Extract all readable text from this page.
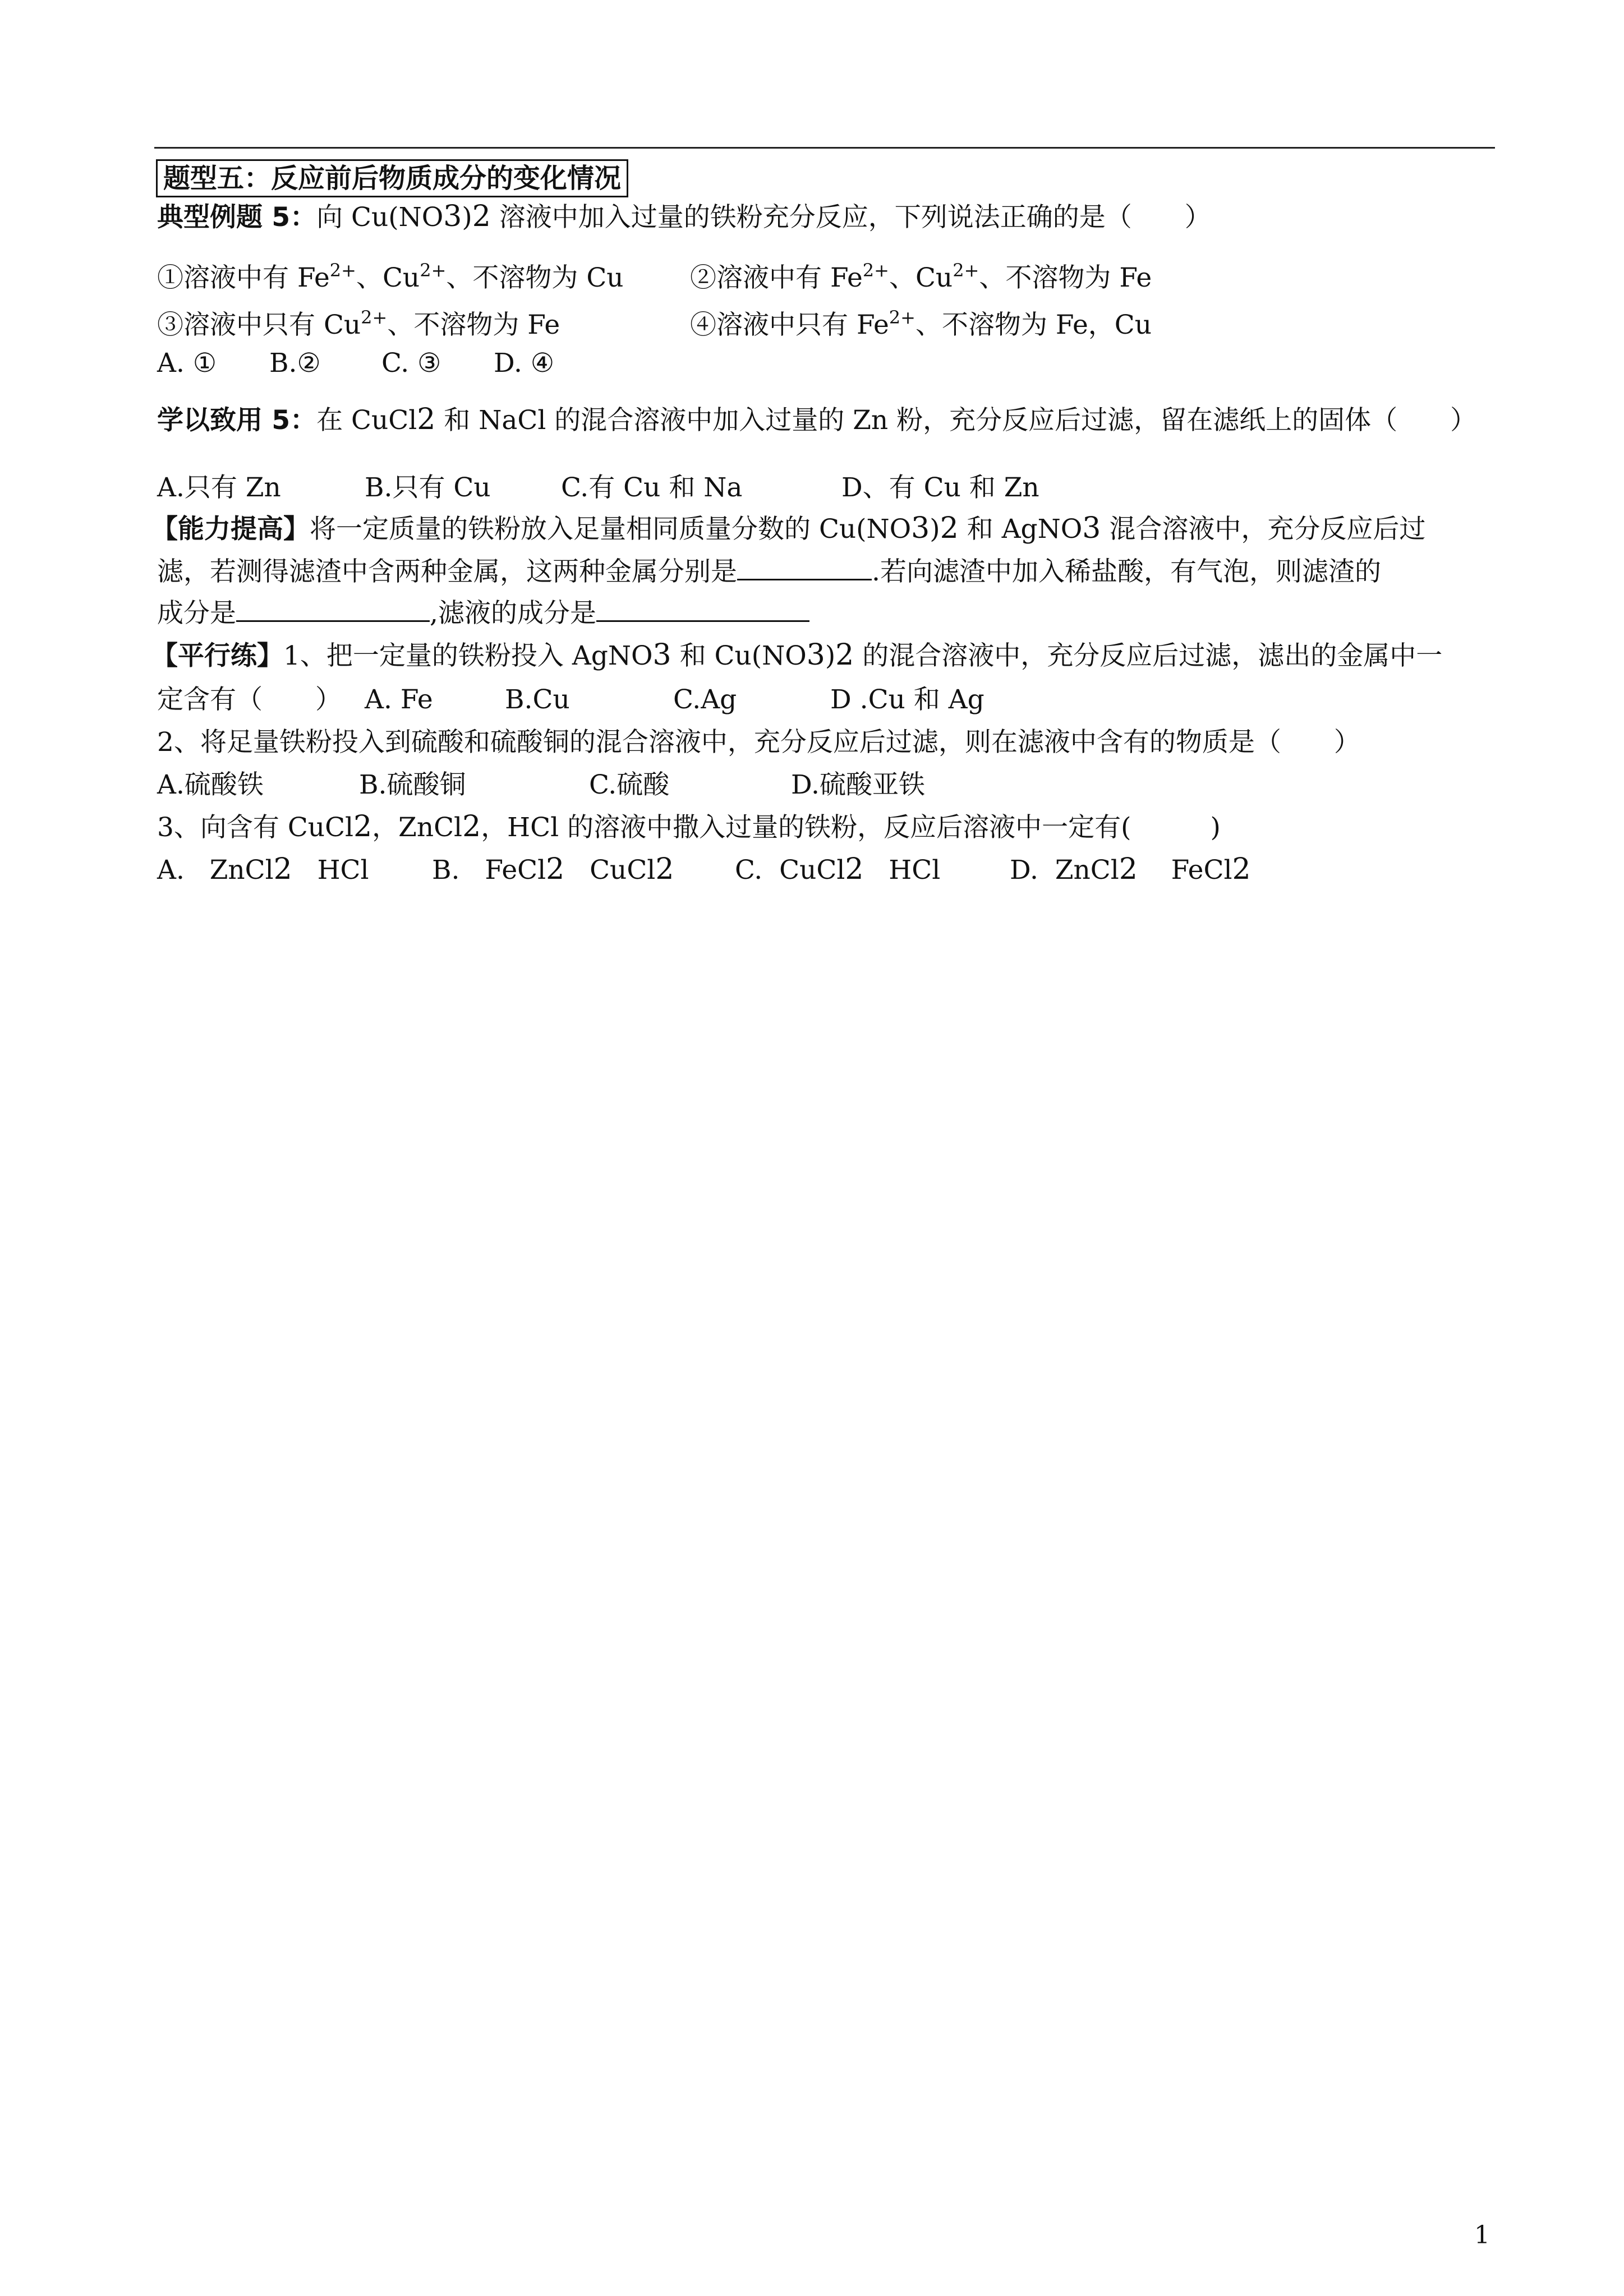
题型五：反应前后物质成分的变化情况
典型例题 5：向 Cu(NO3)2 溶液中加入过量的铁粉充分反应，下列说法正确的是（　　）
①溶液中有 $Fe^{2+}$、$Cu^{2+}$、不溶物为 Cu	②溶液中有 $Fe^{2+}$、$Cu^{2+}$、不溶物为 Fe
③溶液中只有 $Cu^{2+}$、不溶物为 Fe	④溶液中只有 $Fe^{2+}$、不溶物为 Fe，Cu
A. ① B.② C. ③ D. ④
学以致用 5：在 CuCl2 和 NaCl 的混合溶液中加入过量的 Zn 粉，充分反应后过滤，留在滤纸上的固体（　　）
A.只有 Zn	B.只有 Cu	C.有 Cu 和 Na	D、有 Cu 和 Zn
【能力提高】将一定质量的铁粉放入足量相同质量分数的 Cu(NO3)2 和 AgNO3 混合溶液中，充分反应后过
滤，若测得滤渣中含两种金属，这两种金属分别是	.若向滤渣中加入稀盐酸，有气泡，则滤渣的
成分是	,滤液的成分是
【平行练】1、把一定量的铁粉投入 AgNO3 和 Cu(NO3)2 的混合溶液中，充分反应后过滤，滤出的金属中一
定含有（　　） A. Fe	B.Cu	C.Ag	D .Cu 和 Ag
2、将足量铁粉投入到硫酸和硫酸铜的混合溶液中，充分反应后过滤，则在滤液中含有的物质是（　　）
A.硫酸铁	B.硫酸铜	C.硫酸	D.硫酸亚铁
3、向含有 CuCl2，ZnCl2，HCl 的溶液中撒入过量的铁粉，反应后溶液中一定有(　　　)
A. ZnCl2 HCl B. FeCl2 CuCl2 C. CuCl2 HCl	D. ZnCl2 FeCl2
1
